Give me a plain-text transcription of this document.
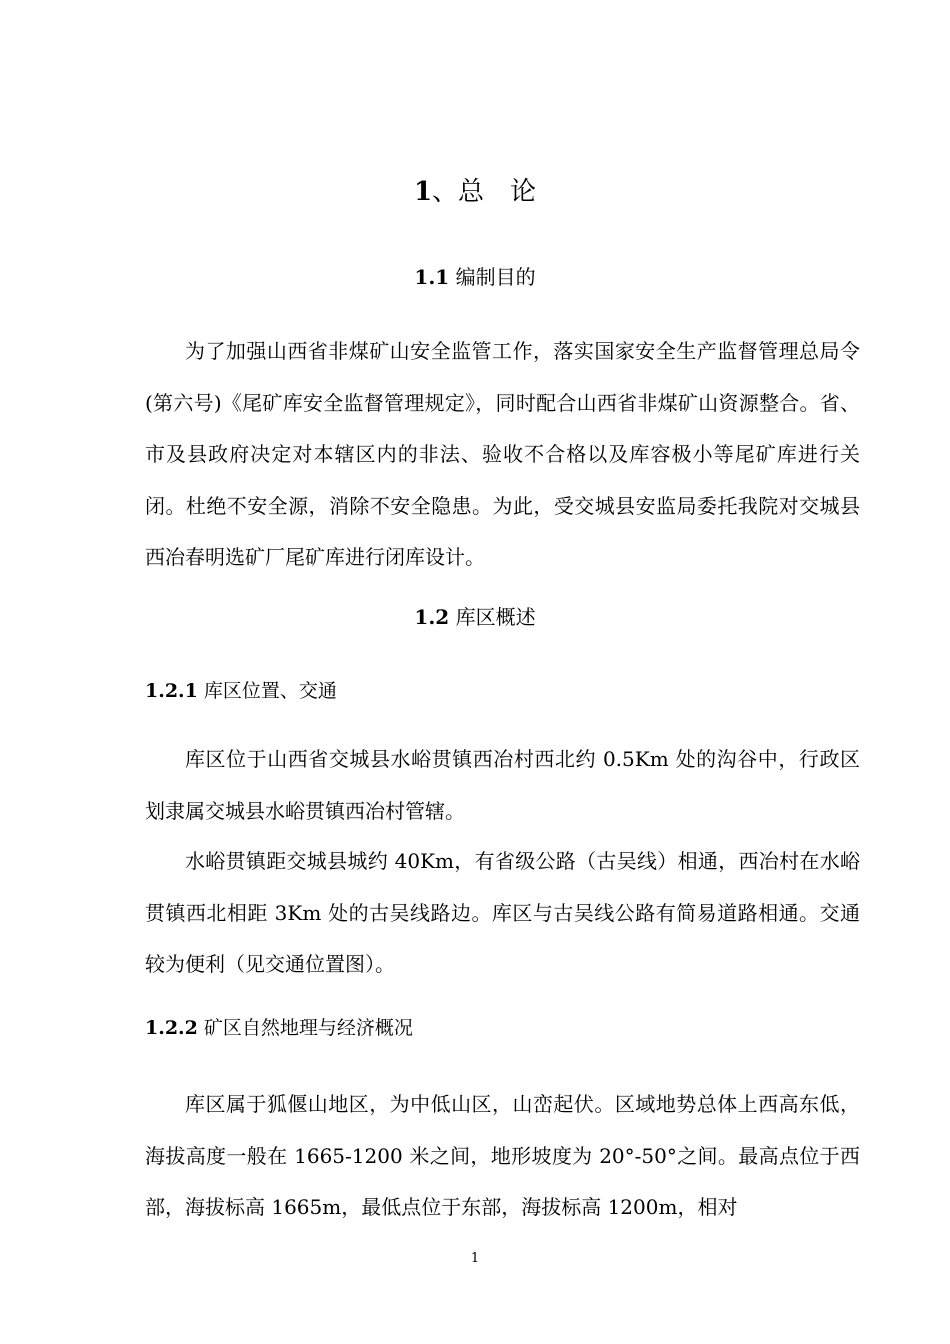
1、总　论
1.1 编制目的

为了加强山西省非煤矿山安全监管工作，落实国家安全生产监督管理总局令(第六号)《尾矿库安全监督管理规定》，同时配合山西省非煤矿山资源整合。省、市及县政府决定对本辖区内的非法、验收不合格以及库容极小等尾矿库进行关闭。杜绝不安全源，消除不安全隐患。为此，受交城县安监局委托我院对交城县西冶春明选矿厂尾矿库进行闭库设计。

1.2 库区概述
1.2.1 库区位置、交通

库区位于山西省交城县水峪贯镇西冶村西北约 0.5Km 处的沟谷中，行政区划隶属交城县水峪贯镇西冶村管辖。

水峪贯镇距交城县城约 40Km，有省级公路（古吴线）相通，西冶村在水峪贯镇西北相距 3Km 处的古吴线路边。库区与古吴线公路有简易道路相通。交通较为便利（见交通位置图）。

1.2.2 矿区自然地理与经济概况

库区属于狐偃山地区，为中低山区，山峦起伏。区域地势总体上西高东低，海拔高度一般在 1665-1200 米之间，地形坡度为 20°-50°之间。最高点位于西部，海拔标高 1665m，最低点位于东部，海拔标高 1200m，相对

1
